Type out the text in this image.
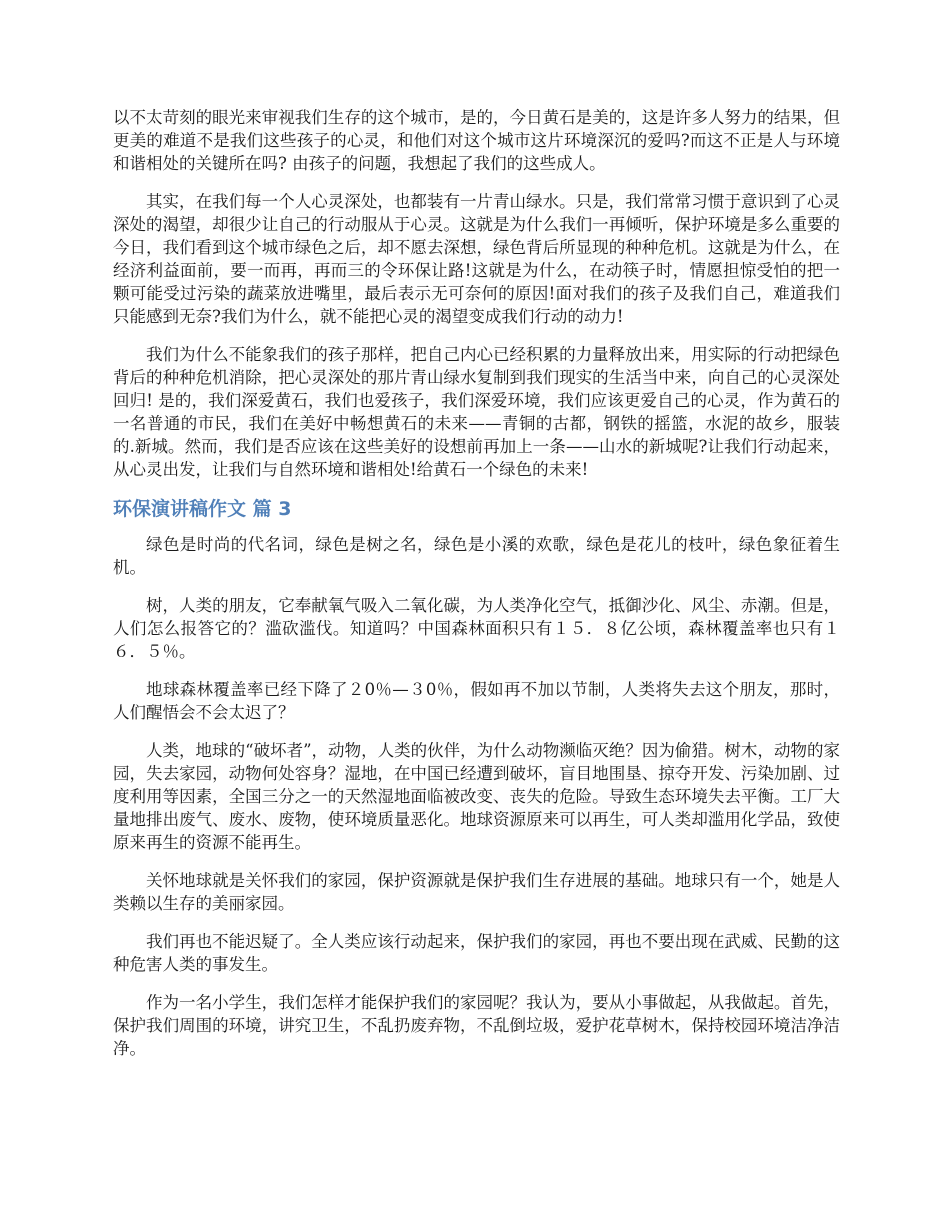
以不太苛刻的眼光来审视我们生存的这个城市，是的，今日黄石是美的，这是许多人努力的结果，但更美的难道不是我们这些孩子的心灵，和他们对这个城市这片环境深沉的爱吗?而这不正是人与环境和谐相处的关键所在吗? 由孩子的问题，我想起了我们的这些成人。

其实，在我们每一个人心灵深处，也都装有一片青山绿水。只是，我们常常习惯于意识到了心灵深处的渴望，却很少让自己的行动服从于心灵。这就是为什么我们一再倾听，保护环境是多么重要的今日，我们看到这个城市绿色之后，却不愿去深想，绿色背后所显现的种种危机。这就是为什么，在经济利益面前，要一而再，再而三的令环保让路!这就是为什么，在动筷子时，情愿担惊受怕的把一颗可能受过污染的蔬菜放进嘴里，最后表示无可奈何的原因!面对我们的孩子及我们自己，难道我们只能感到无奈?我们为什么，就不能把心灵的渴望变成我们行动的动力!

我们为什么不能象我们的孩子那样，把自己内心已经积累的力量释放出来，用实际的行动把绿色背后的种种危机消除，把心灵深处的那片青山绿水复制到我们现实的生活当中来，向自己的心灵深处回归! 是的，我们深爱黄石，我们也爱孩子，我们深爱环境，我们应该更爱自己的心灵，作为黄石的一名普通的市民，我们在美好中畅想黄石的未来——青铜的古都，钢铁的摇篮，水泥的故乡，服装的.新城。然而，我们是否应该在这些美好的设想前再加上一条——山水的新城呢?让我们行动起来，从心灵出发，让我们与自然环境和谐相处!给黄石一个绿色的未来!

环保演讲稿作文 篇 3

绿色是时尚的代名词，绿色是树之名，绿色是小溪的欢歌，绿色是花儿的枝叶，绿色象征着生机。

树，人类的朋友，它奉献氧气吸入二氧化碳，为人类净化空气，抵御沙化、风尘、赤潮。但是，人们怎么报答它的？滥砍滥伐。知道吗？中国森林面积只有１５．８亿公顷，森林覆盖率也只有１６．５％。

地球森林覆盖率已经下降了２0％—３0％，假如再不加以节制，人类将失去这个朋友，那时，人们醒悟会不会太迟了？

人类，地球的“破坏者”，动物，人类的伙伴，为什么动物濒临灭绝？因为偷猎。树木，动物的家园，失去家园，动物何处容身？湿地，在中国已经遭到破坏，盲目地围垦、掠夺开发、污染加剧、过度利用等因素，全国三分之一的天然湿地面临被改变、丧失的危险。导致生态环境失去平衡。工厂大量地排出废气、废水、废物，使环境质量恶化。地球资源原来可以再生，可人类却滥用化学品，致使原来再生的资源不能再生。

关怀地球就是关怀我们的家园，保护资源就是保护我们生存进展的基础。地球只有一个，她是人类赖以生存的美丽家园。

我们再也不能迟疑了。全人类应该行动起来，保护我们的家园，再也不要出现在武威、民勤的这种危害人类的事发生。

作为一名小学生，我们怎样才能保护我们的家园呢？我认为，要从小事做起，从我做起。首先，保护我们周围的环境，讲究卫生，不乱扔废弃物，不乱倒垃圾，爱护花草树木，保持校园环境洁净洁净。
